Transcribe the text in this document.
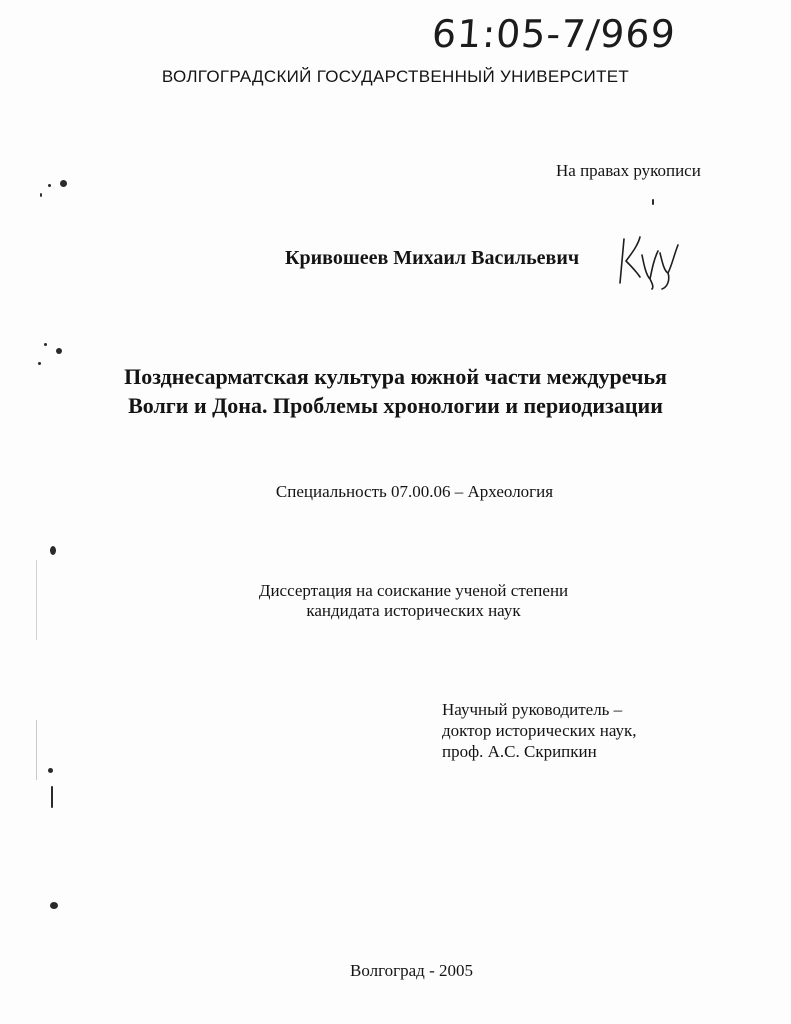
61:05-7/969
ВОЛГОГРАДСКИЙ ГОСУДАРСТВЕННЫЙ УНИВЕРСИТЕТ
На правах рукописи
Кривошеев Михаил Васильевич
Позднесарматская культура южной части междуречья
Волги и Дона. Проблемы хронологии и периодизации
Специальность 07.00.06 – Археология
Диссертация на соискание ученой степени
кандидата исторических наук
Научный руководитель –
доктор исторических наук,
проф. А.С. Скрипкин
Волгоград - 2005
